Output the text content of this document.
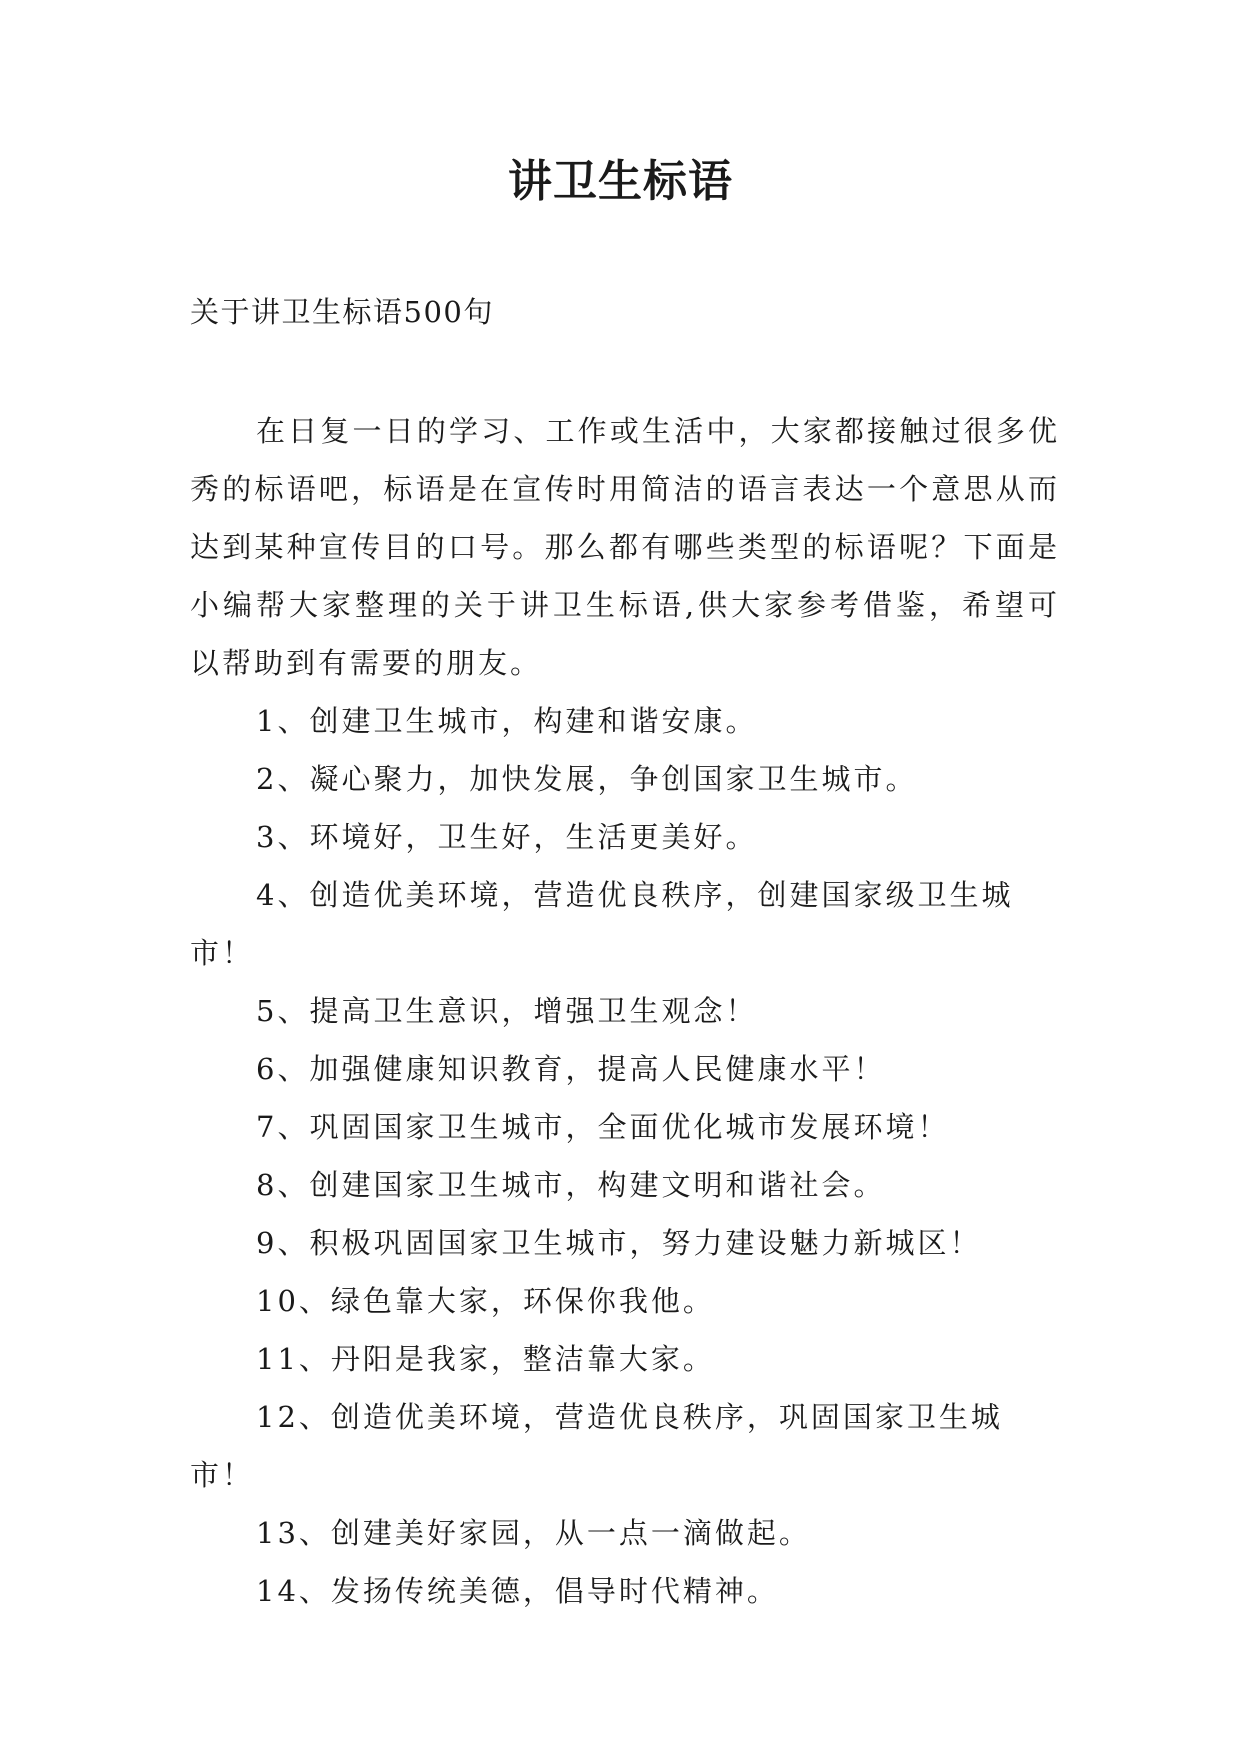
讲卫生标语
关于讲卫生标语500句
在日复一日的学习、工作或生活中，大家都接触过很多优秀的标语吧，标语是在宣传时用简洁的语言表达一个意思从而达到某种宣传目的口号。那么都有哪些类型的标语呢？下面是小编帮大家整理的关于讲卫生标语,供大家参考借鉴，希望可以帮助到有需要的朋友。

1、创建卫生城市，构建和谐安康。

2、凝心聚力，加快发展，争创国家卫生城市。

3、环境好，卫生好，生活更美好。

4、创造优美环境，营造优良秩序，创建国家级卫生城市！

5、提高卫生意识，增强卫生观念！

6、加强健康知识教育，提高人民健康水平！

7、巩固国家卫生城市，全面优化城市发展环境！

8、创建国家卫生城市，构建文明和谐社会。

9、积极巩固国家卫生城市，努力建设魅力新城区！

10、绿色靠大家，环保你我他。

11、丹阳是我家，整洁靠大家。

12、创造优美环境，营造优良秩序，巩固国家卫生城市！

13、创建美好家园，从一点一滴做起。

14、发扬传统美德，倡导时代精神。
